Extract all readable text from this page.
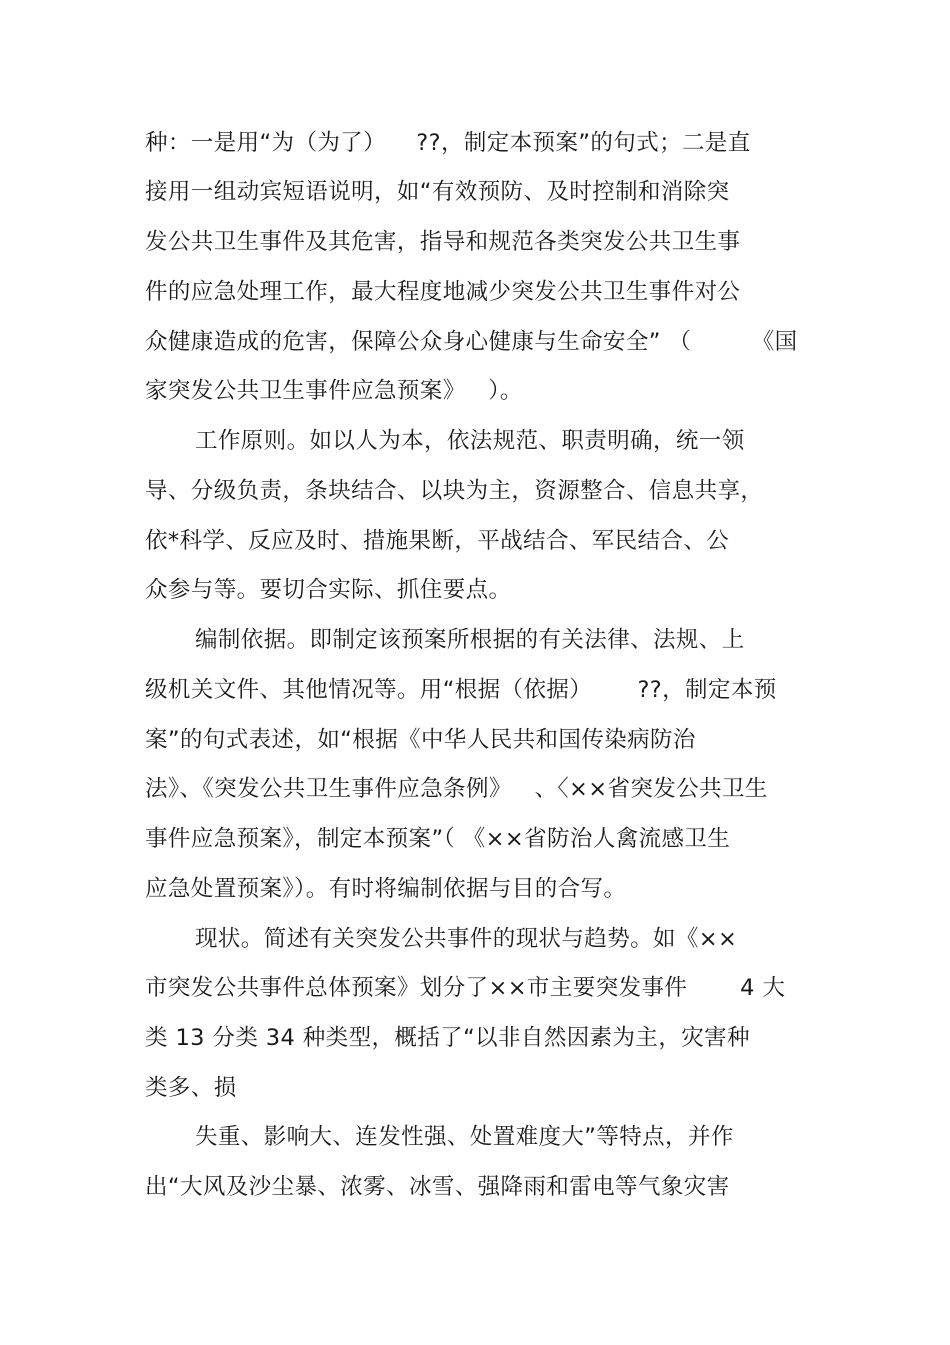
种：一是用“为（为了）    ??，制定本预案”的句式；二是直
接用一组动宾短语说明，如“有效预防、及时控制和消除突
发公共卫生事件及其危害，指导和规范各类突发公共卫生事
件的应急处理工作，最大程度地减少突发公共卫生事件对公
众健康造成的危害，保障公众身心健康与生命安全” （        《国
家突发公共卫生事件应急预案》   ）。
工作原则。如以人为本，依法规范、职责明确，统一领
导、分级负责，条块结合、以块为主，资源整合、信息共享，
依*科学、反应及时、措施果断，平战结合、军民结合、公
众参与等。要切合实际、抓住要点。
编制依据。即制定该预案所根据的有关法律、法规、上
级机关文件、其他情况等。用“根据（依据）      ??，制定本预
案”的句式表述，如“根据《中华人民共和国传染病防治
法》、《突发公共卫生事件应急条例》   、〈××省突发公共卫生
事件应急预案》，制定本预案”（ 《××省防治人禽流感卫生
应急处置预案》）。有时将编制依据与目的合写。
现状。简述有关突发公共事件的现状与趋势。如《××
市突发公共事件总体预案》划分了××市主要突发事件       4 大
类 13 分类 34 种类型，概括了“以非自然因素为主，灾害种
类多、损
失重、影响大、连发性强、处置难度大”等特点，并作
出“大风及沙尘暴、浓雾、冰雪、强降雨和雷电等气象灾害
